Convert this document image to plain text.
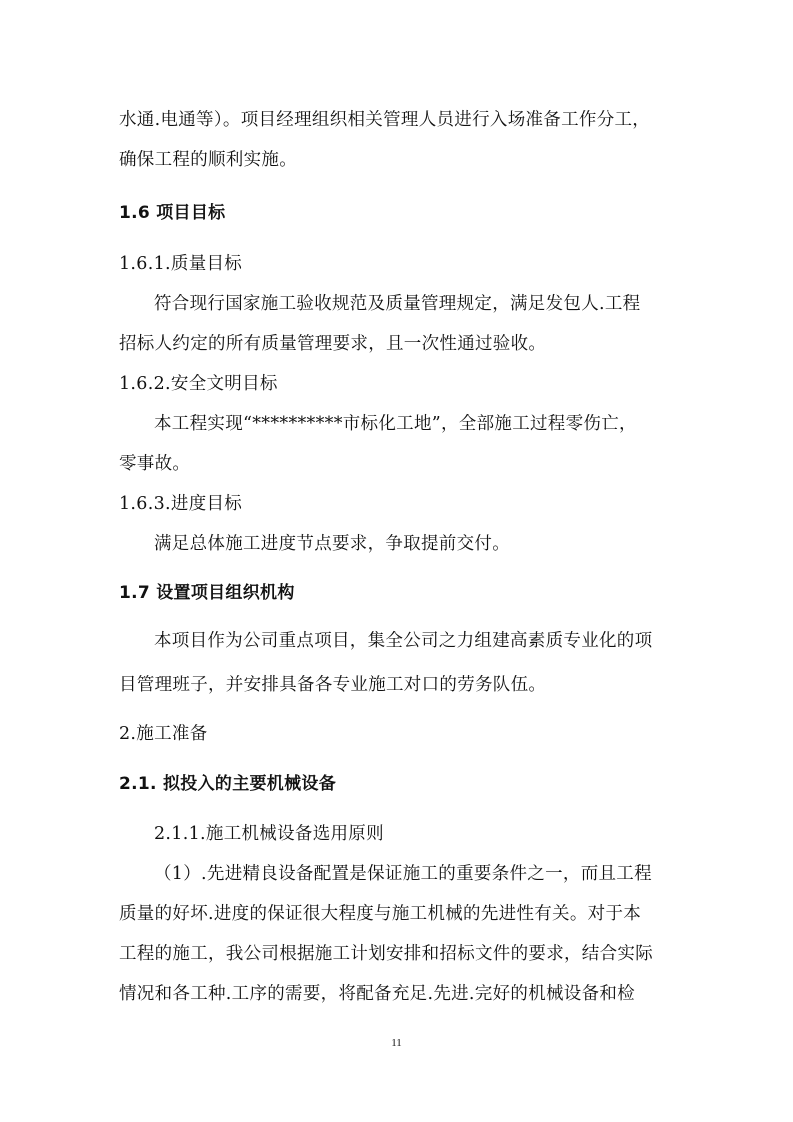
水通.电通等）。项目经理组织相关管理人员进行入场准备工作分工，
确保工程的顺利实施。
1.6 项目目标
1.6.1.质量目标
符合现行国家施工验收规范及质量管理规定，满足发包人.工程
招标人约定的所有质量管理要求，且一次性通过验收。
1.6.2.安全文明目标
本工程实现“**********市标化工地”，全部施工过程零伤亡，
零事故。
1.6.3.进度目标
满足总体施工进度节点要求，争取提前交付。
1.7 设置项目组织机构
本项目作为公司重点项目，集全公司之力组建高素质专业化的项
目管理班子，并安排具备各专业施工对口的劳务队伍。
2.施工准备
2.1. 拟投入的主要机械设备
2.1.1.施工机械设备选用原则
（1）.先进精良设备配置是保证施工的重要条件之一，而且工程
质量的好坏.进度的保证很大程度与施工机械的先进性有关。对于本
工程的施工，我公司根据施工计划安排和招标文件的要求，结合实际
情况和各工种.工序的需要，将配备充足.先进.完好的机械设备和检
11
